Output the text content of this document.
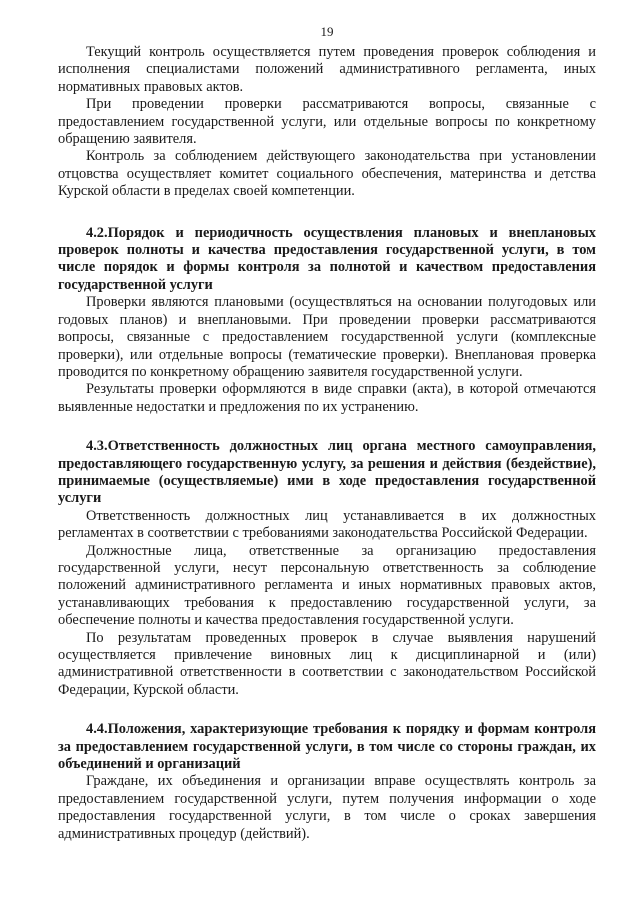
19

Текущий контроль осуществляется путем проведения проверок соблюдения и исполнения специалистами положений административного регламента, иных нормативных правовых актов.

При проведении проверки рассматриваются вопросы, связанные с предоставлением государственной услуги, или отдельные вопросы по конкретному обращению заявителя.

Контроль за соблюдением действующего законодательства при установлении отцовства осуществляет комитет социального обеспечения, материнства и детства Курской области в пределах своей компетенции.

4.2.Порядок и периодичность осуществления плановых и внеплановых проверок полноты и качества предоставления государственной услуги, в том числе порядок и формы контроля за полнотой и качеством предоставления государственной услуги

Проверки являются плановыми (осуществляться на основании полугодовых или годовых планов) и внеплановыми. При проведении проверки рассматриваются вопросы, связанные с предоставлением государственной услуги (комплексные проверки), или отдельные вопросы (тематические проверки). Внеплановая проверка проводится по конкретному обращению заявителя государственной услуги.

Результаты проверки оформляются в виде справки (акта), в которой отмечаются выявленные недостатки и предложения по их устранению.

4.3.Ответственность должностных лиц органа местного самоуправления, предоставляющего государственную услугу, за решения и действия (бездействие), принимаемые (осуществляемые) ими в ходе предоставления государственной услуги

Ответственность должностных лиц устанавливается в их должностных регламентах в соответствии с требованиями законодательства Российской Федерации.

Должностные лица, ответственные за организацию предоставления государственной услуги, несут персональную ответственность за соблюдение положений административного регламента и иных нормативных правовых актов, устанавливающих требования к предоставлению государственной услуги, за обеспечение полноты и качества предоставления государственной услуги.

По результатам проведенных проверок в случае выявления нарушений осуществляется привлечение виновных лиц к дисциплинарной и (или) административной ответственности в соответствии с законодательством Российской Федерации, Курской области.

4.4.Положения, характеризующие требования к порядку и формам контроля за предоставлением государственной услуги, в том числе со стороны граждан, их объединений и организаций

Граждане, их объединения и организации вправе осуществлять контроль за предоставлением государственной услуги, путем получения информации о ходе предоставления государственной услуги, в том числе о сроках завершения административных процедур (действий).
